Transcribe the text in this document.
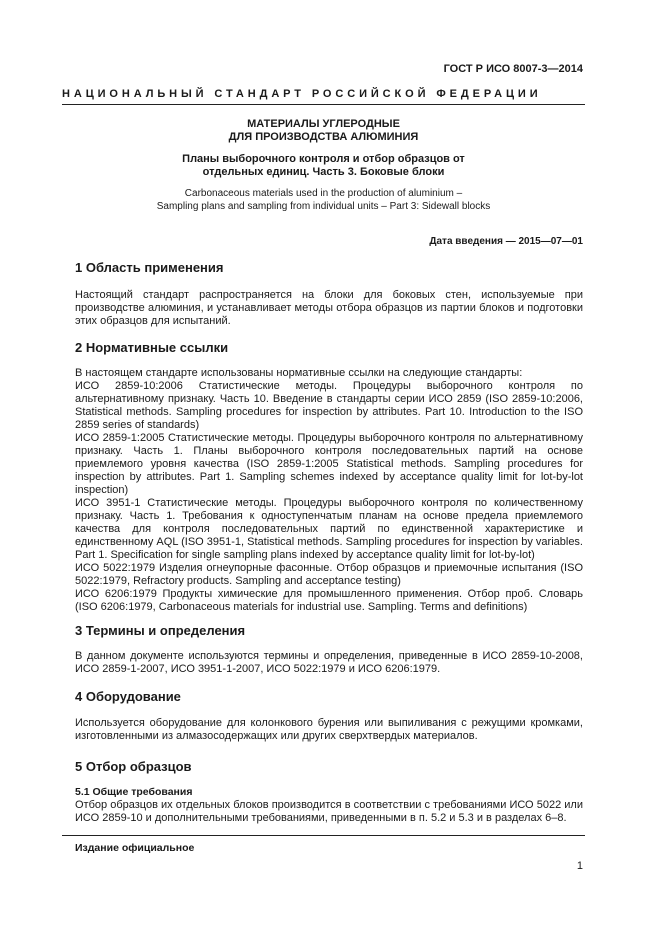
ГОСТ Р ИСО 8007-3—2014
НАЦИОНАЛЬНЫЙ СТАНДАРТ РОССИЙСКОЙ ФЕДЕРАЦИИ
МАТЕРИАЛЫ УГЛЕРОДНЫЕ
ДЛЯ ПРОИЗВОДСТВА АЛЮМИНИЯ
Планы выборочного контроля и отбор образцов от
отдельных единиц. Часть 3. Боковые блоки
Carbonaceous materials used in the production of aluminium –
Sampling plans and sampling from individual units – Part 3: Sidewall blocks
Дата введения — 2015—07—01
1 Область применения

Настоящий стандарт распространяется на блоки для боковых стен, используемые при производстве алюминия, и устанавливает методы отбора образцов из партии блоков и подготовки этих образцов для испытаний.

2 Нормативные ссылки

В настоящем стандарте использованы нормативные ссылки на следующие стандарты:

ИСО 2859-10:2006 Статистические методы. Процедуры выборочного контроля по альтернативному признаку. Часть 10. Введение в стандарты серии ИСО 2859 (ISO 2859-10:2006, Statistical methods. Sampling procedures for inspection by attributes. Part 10. Introduction to the ISO 2859 series of standards)

ИСО 2859-1:2005 Статистические методы. Процедуры выборочного контроля по альтернативному признаку. Часть 1. Планы выборочного контроля последовательных партий на основе приемлемого уровня качества (ISO 2859-1:2005 Statistical methods. Sampling procedures for inspection by attributes. Part 1. Sampling schemes indexed by acceptance quality limit for lot-by-lot inspection)

ИСО 3951-1 Статистические методы. Процедуры выборочного контроля по количественному признаку. Часть 1. Требования к одноступенчатым планам на основе предела приемлемого качества для контроля последовательных партий по единственной характеристике и единственному AQL (ISO 3951-1, Statistical methods. Sampling procedures for inspection by variables. Part 1. Specification for single sampling plans indexed by acceptance quality limit for lot-by-lot)

ИСО 5022:1979 Изделия огнеупорные фасонные. Отбор образцов и приемочные испытания (ISO 5022:1979, Refractory products. Sampling and acceptance testing)

ИСО 6206:1979 Продукты химические для промышленного применения. Отбор проб. Словарь (ISO 6206:1979, Carbonaceous materials for industrial use. Sampling. Terms and definitions)

3 Термины и определения

В данном документе используются термины и определения, приведенные в ИСО 2859-10-2008, ИСО 2859-1-2007, ИСО 3951-1-2007, ИСО 5022:1979 и ИСО 6206:1979.

4 Оборудование

Используется оборудование для колонкового бурения или выпиливания с режущими кромками, изготовленными из алмазосодержащих или других сверхтвердых материалов.

5 Отбор образцов
5.1 Общие требования

Отбор образцов их отдельных блоков производится в соответствии с требованиями ИСО 5022 или ИСО 2859-10 и дополнительными требованиями, приведенными в п. 5.2 и 5.3 и в разделах 6–8.

Издание официальное
1
